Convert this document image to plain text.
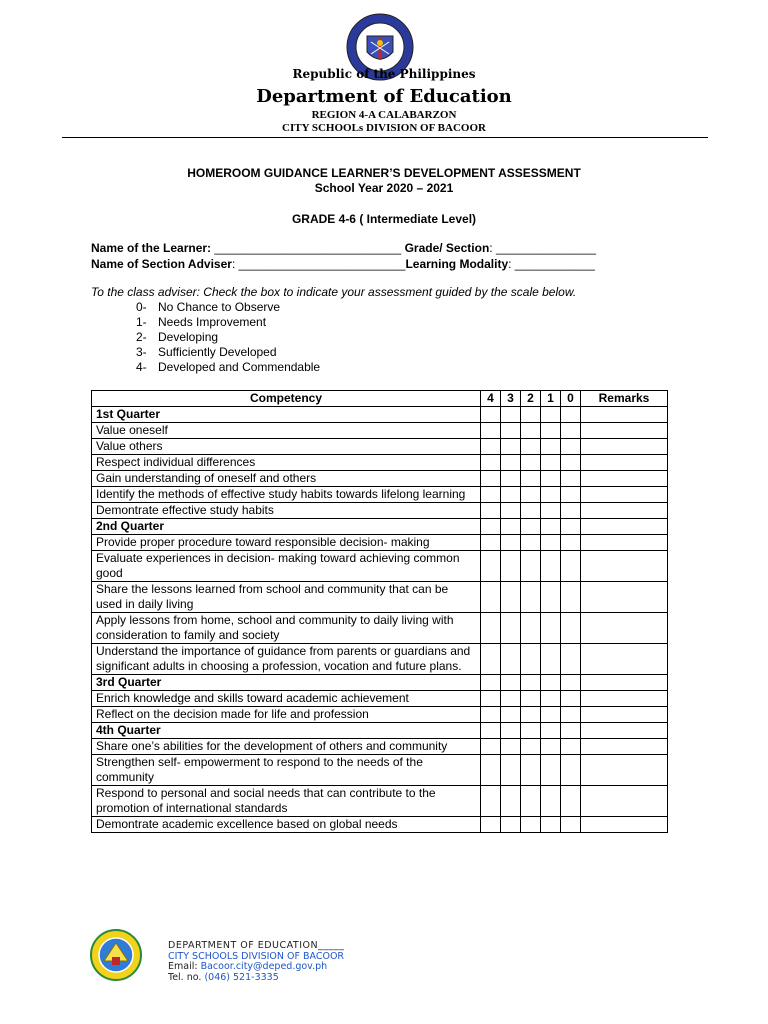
Republic of the Philippines
Department of Education
REGION 4-A CALABARZON
CITY SCHOOLs DIVISION OF BACOOR
HOMEROOM GUIDANCE LEARNER’S DEVELOPMENT ASSESSMENT
School Year 2020 – 2021
GRADE 4-6 ( Intermediate Level)
Name of the Learner: ____________________________ Grade/ Section: _______________
Name of Section Adviser: _________________________Learning Modality: ____________
To the class adviser: Check the box to indicate your assessment guided by the scale below.
0- No Chance to Observe
1- Needs Improvement
2- Developing
3- Sufficiently Developed
4- Developed and Commendable
Competency	4	3	2	1	0	Remarks
1st Quarter						
Value oneself						
Value others						
Respect individual differences						
Gain understanding of oneself and others						
Identify the methods of effective study habits towards lifelong learning						
Demontrate effective study habits						
2nd Quarter						
Provide proper procedure toward responsible decision- making						
Evaluate experiences in decision- making toward achieving common good						
Share the lessons learned from school and community that can be used in daily living						
Apply lessons from home, school and community to daily living with consideration to family and society						
Understand the importance of guidance from parents or guardians and significant adults in choosing a profession, vocation and future plans.						
3rd Quarter						
Enrich knowledge and skills toward academic achievement						
Reflect on the decision made for life and profession						
4th Quarter						
Share one’s abilities for the development of others and community						
Strengthen self- empowerment to respond to the needs of the community						
Respond to personal and social needs that can contribute to the promotion of international standards						
Demontrate academic excellence based on global needs						
DEPARTMENT OF EDUCATION_____
CITY SCHOOLS DIVISION OF BACOOR
Email: Bacoor.city@deped.gov.ph
Tel. no. (046) 521-3335
